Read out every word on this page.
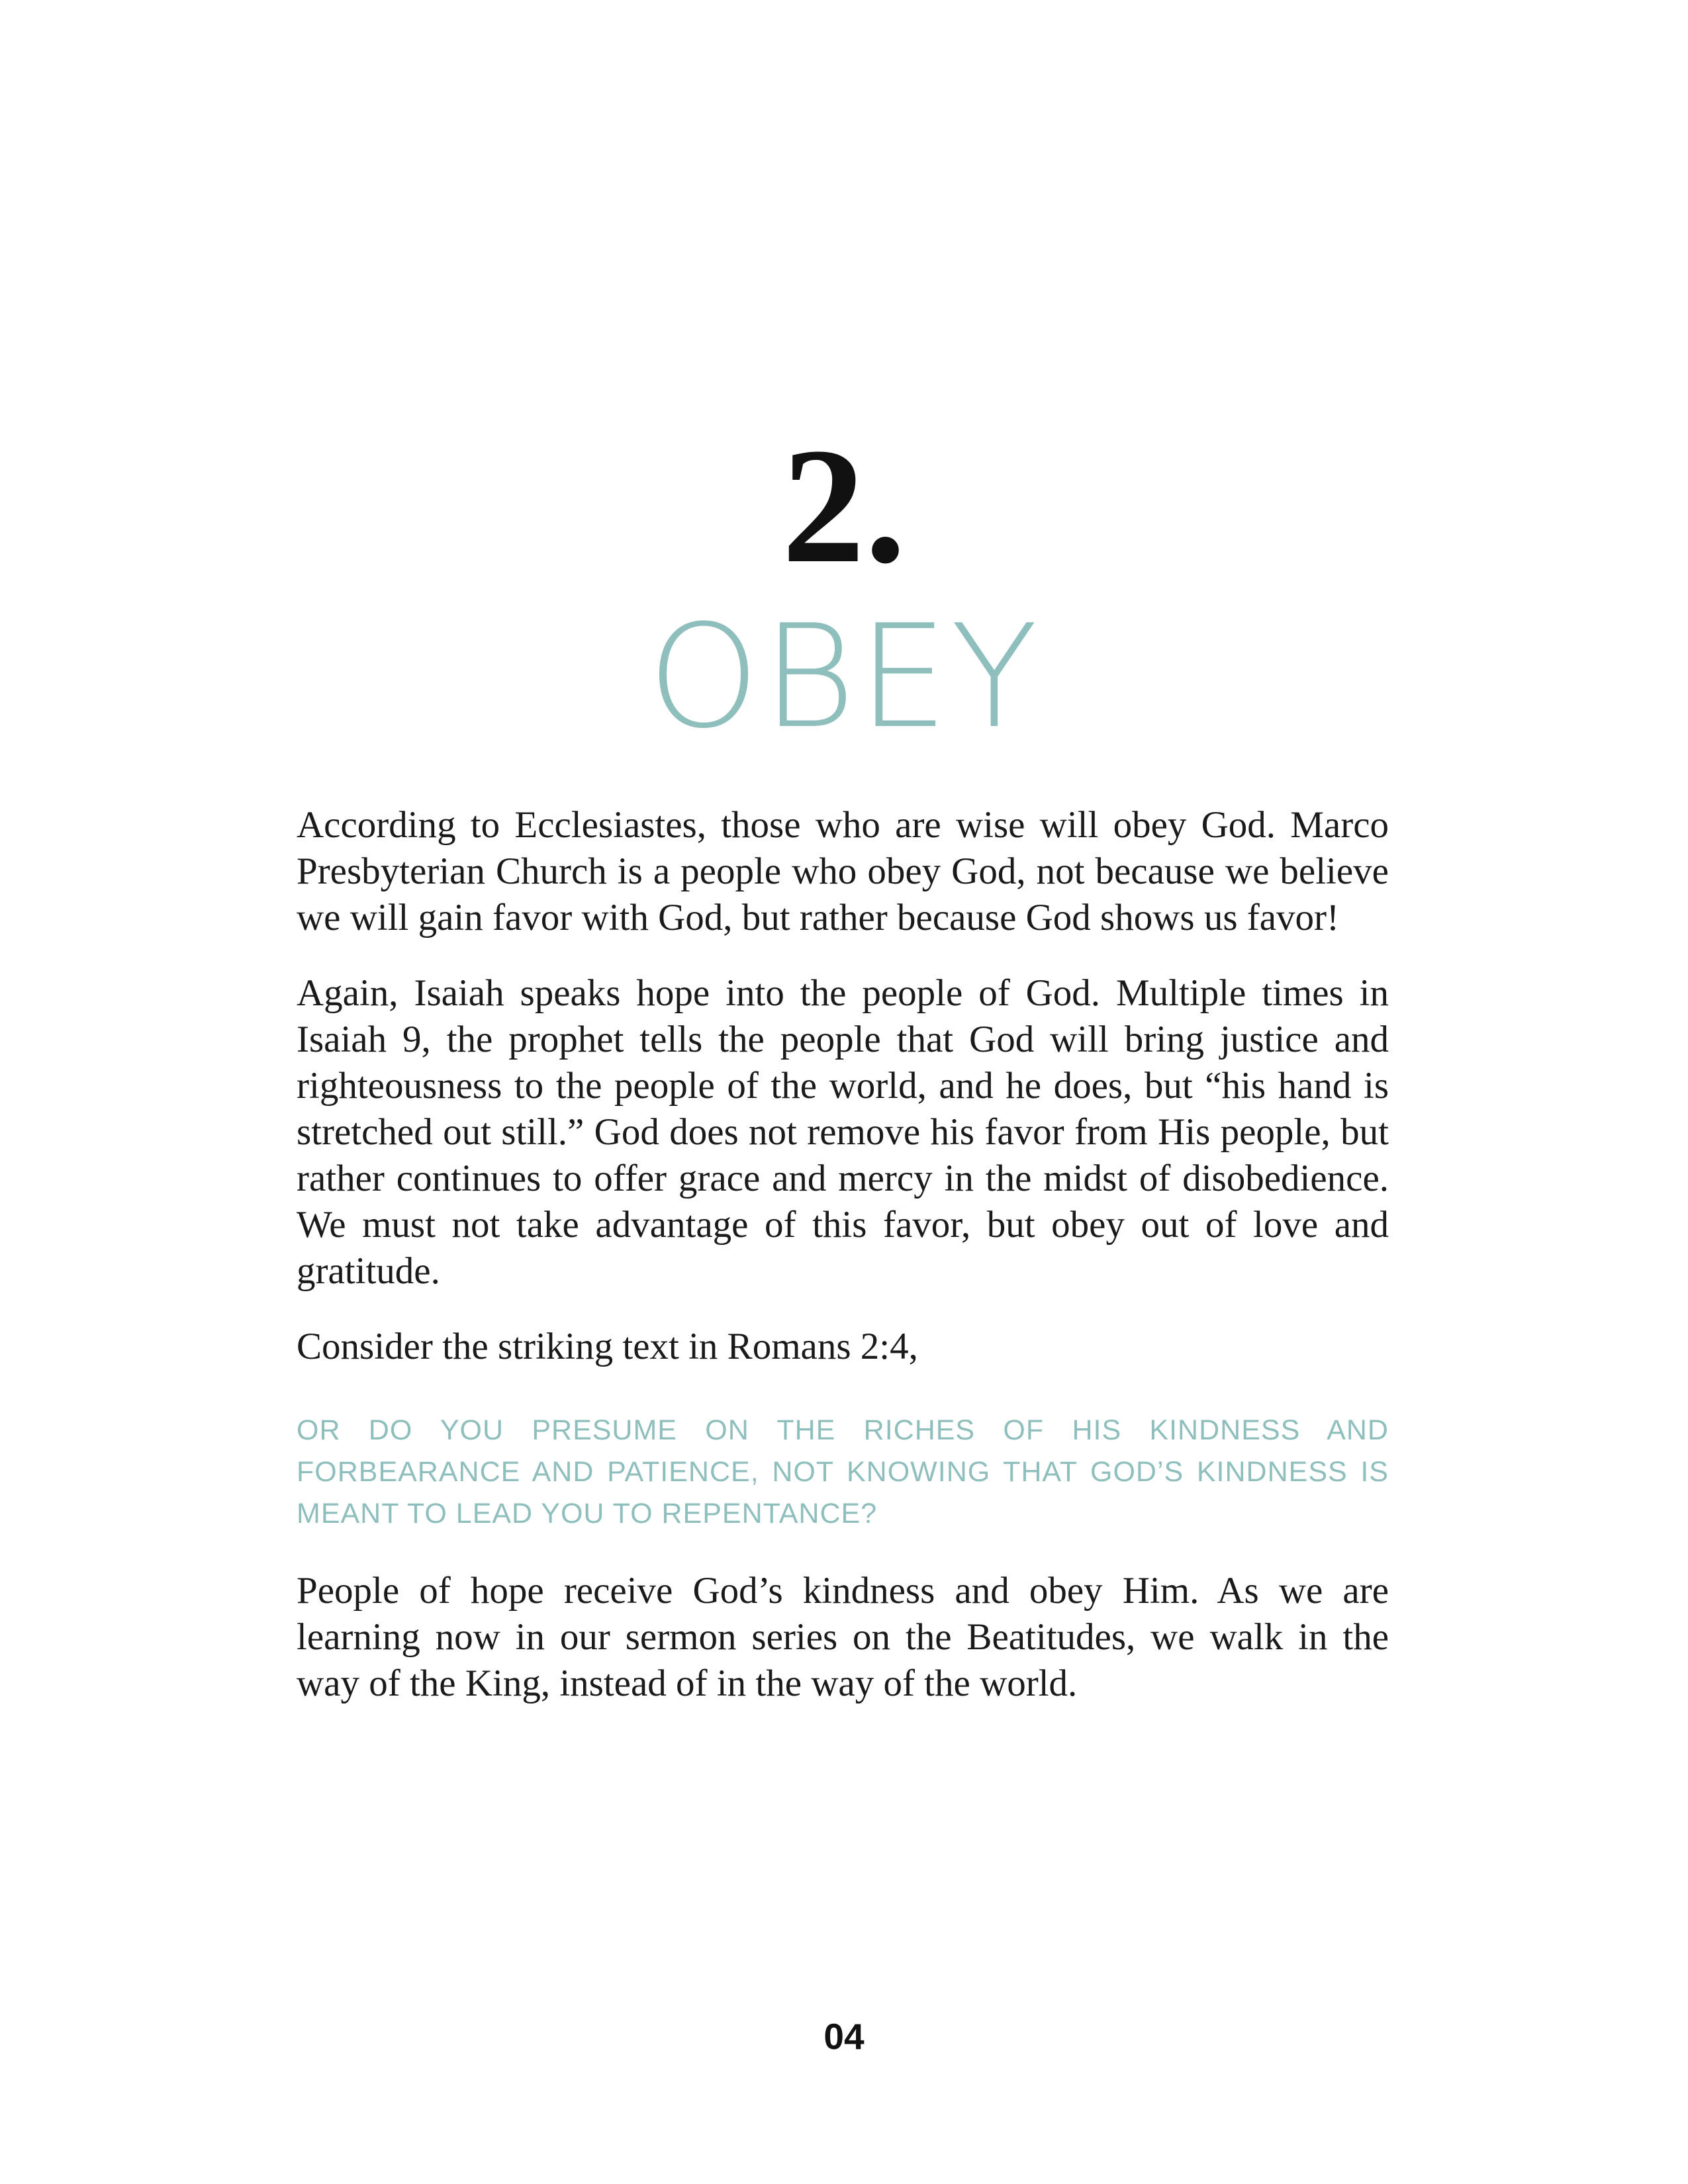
2.
OBEY

According to Ecclesiastes, those who are wise will obey God. Marco Presbyterian Church is a people who obey God, not because we believe we will gain favor with God, but rather because God shows us favor!

Again, Isaiah speaks hope into the people of God. Multiple times in Isaiah 9, the prophet tells the people that God will bring justice and righteousness to the people of the world, and he does, but “his hand is stretched out still.” God does not remove his favor from His people, but rather continues to offer grace and mercy in the midst of disobedience. We must not take advantage of this favor, but obey out of love and gratitude.

Consider the striking text in Romans 2:4,

OR DO YOU PRESUME ON THE RICHES OF HIS KINDNESS AND FORBEARANCE AND PATIENCE, NOT KNOWING THAT GOD’S KINDNESS IS MEANT TO LEAD YOU TO REPENTANCE?

People of hope receive God’s kindness and obey Him. As we are learning now in our sermon series on the Beatitudes, we walk in the way of the King, instead of in the way of the world.

04
